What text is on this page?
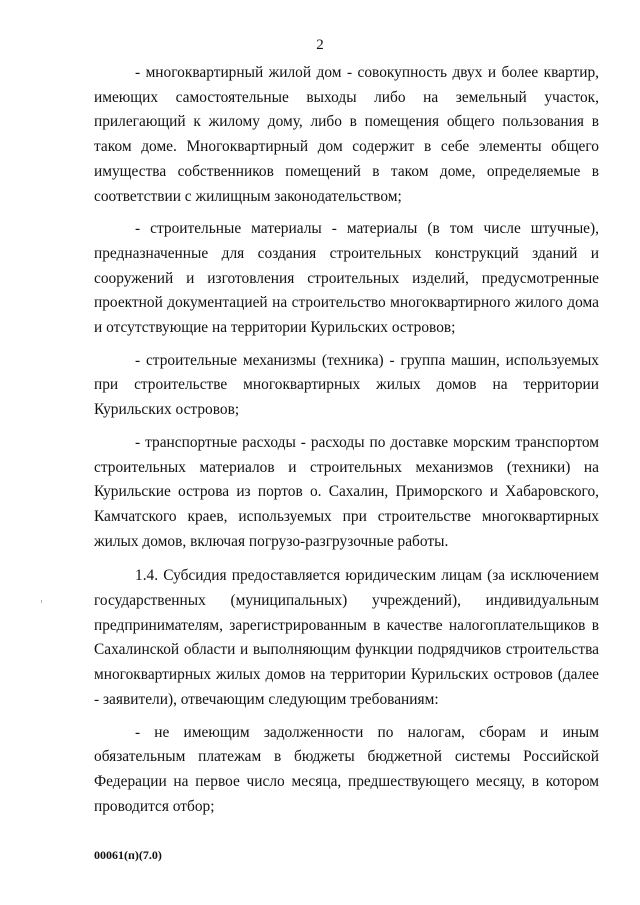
2

- многоквартирный жилой дом - совокупность двух и более квартир, имеющих самостоятельные выходы либо на земельный участок, прилегающий к жилому дому, либо в помещения общего пользования в таком доме. Многоквартирный дом содержит в себе элементы общего имущества собственников помещений в таком доме, определяемые в соответствии с жилищным законодательством;

- строительные материалы - материалы (в том числе штучные), предназначенные для создания строительных конструкций зданий и сооружений и изготовления строительных изделий, предусмотренные проектной документацией на строительство многоквартирного жилого дома и отсутствующие на территории Курильских островов;

- строительные механизмы (техника) - группа машин, используемых при строительстве многоквартирных жилых домов на территории Курильских островов;

- транспортные расходы - расходы по доставке морским транспортом строительных материалов и строительных механизмов (техники) на Курильские острова из портов о. Сахалин, Приморского и Хабаровского, Камчатского краев, используемых при строительстве многоквартирных жилых домов, включая погрузо-разгрузочные работы.

1.4. Субсидия предоставляется юридическим лицам (за исключением государственных (муниципальных) учреждений), индивидуальным предпринимателям, зарегистрированным в качестве налогоплательщиков в Сахалинской области и выполняющим функции подрядчиков строительства многоквартирных жилых домов на территории Курильских островов (далее - заявители), отвечающим следующим требованиям:

- не имеющим задолженности по налогам, сборам и иным обязательным платежам в бюджеты бюджетной системы Российской Федерации на первое число месяца, предшествующего месяцу, в котором проводится отбор;

00061(п)(7.0)
